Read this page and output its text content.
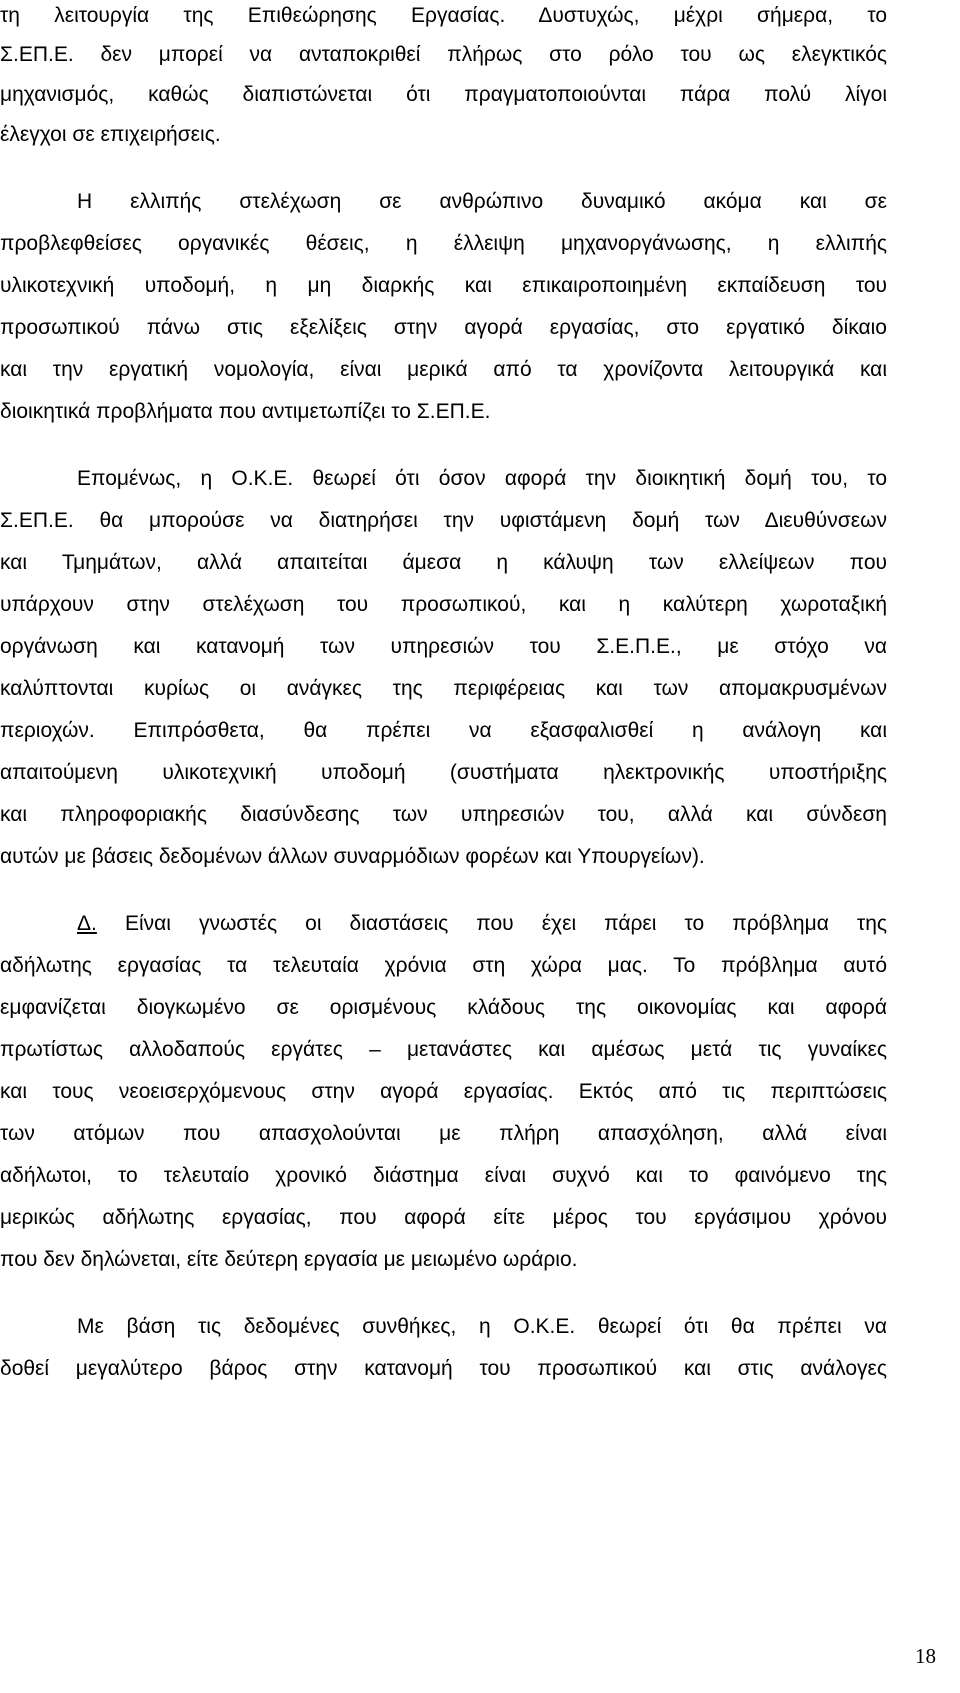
τη λειτουργία της Επιθεώρησης Εργασίας. Δυστυχώς, μέχρι σήμερα, το
Σ.ΕΠ.Ε. δεν μπορεί να ανταποκριθεί πλήρως στο ρόλο του ως ελεγκτικός
μηχανισμός, καθώς διαπιστώνεται ότι πραγματοποιούνται πάρα πολύ λίγοι
έλεγχοι σε επιχειρήσεις.
Η ελλιπής στελέχωση σε ανθρώπινο δυναμικό ακόμα και σε
προβλεφθείσες οργανικές θέσεις, η έλλειψη μηχανοργάνωσης, η ελλιπής
υλικοτεχνική υποδομή, η μη διαρκής και επικαιροποιημένη εκπαίδευση του
προσωπικού πάνω στις εξελίξεις στην αγορά εργασίας, στο εργατικό δίκαιο
και την εργατική νομολογία, είναι μερικά από τα χρονίζοντα λειτουργικά και
διοικητικά προβλήματα που αντιμετωπίζει το Σ.ΕΠ.Ε.
Επομένως, η Ο.Κ.Ε. θεωρεί ότι όσον αφορά την διοικητική δομή του, το
Σ.ΕΠ.Ε. θα μπορούσε να διατηρήσει την υφιστάμενη δομή των Διευθύνσεων
και Τμημάτων, αλλά απαιτείται άμεσα η κάλυψη των ελλείψεων που
υπάρχουν στην στελέχωση του προσωπικού, και η καλύτερη χωροταξική
οργάνωση και κατανομή των υπηρεσιών του Σ.Ε.Π.Ε., με στόχο να
καλύπτονται κυρίως οι ανάγκες της περιφέρειας και των απομακρυσμένων
περιοχών. Επιπρόσθετα, θα πρέπει να εξασφαλισθεί η ανάλογη και
απαιτούμενη υλικοτεχνική υποδομή (συστήματα ηλεκτρονικής υποστήριξης
και πληροφοριακής διασύνδεσης των υπηρεσιών του, αλλά και σύνδεση
αυτών με βάσεις δεδομένων άλλων συναρμόδιων φορέων και Υπουργείων).
Δ. Είναι γνωστές οι διαστάσεις που έχει πάρει το πρόβλημα της
αδήλωτης εργασίας τα τελευταία χρόνια στη χώρα μας. Το πρόβλημα αυτό
εμφανίζεται διογκωμένο σε ορισμένους κλάδους της οικονομίας και αφορά
πρωτίστως αλλοδαπούς εργάτες – μετανάστες και αμέσως μετά τις γυναίκες
και τους νεοεισερχόμενους στην αγορά εργασίας. Εκτός από τις περιπτώσεις
των ατόμων που απασχολούνται με πλήρη απασχόληση, αλλά είναι
αδήλωτοι, το τελευταίο χρονικό διάστημα είναι συχνό και το φαινόμενο της
μερικώς αδήλωτης εργασίας, που αφορά είτε μέρος του εργάσιμου χρόνου
που δεν δηλώνεται, είτε δεύτερη εργασία με μειωμένο ωράριο.
Με βάση τις δεδομένες συνθήκες, η Ο.Κ.Ε. θεωρεί ότι θα πρέπει να
δοθεί μεγαλύτερο βάρος στην κατανομή του προσωπικού και στις ανάλογες
18
